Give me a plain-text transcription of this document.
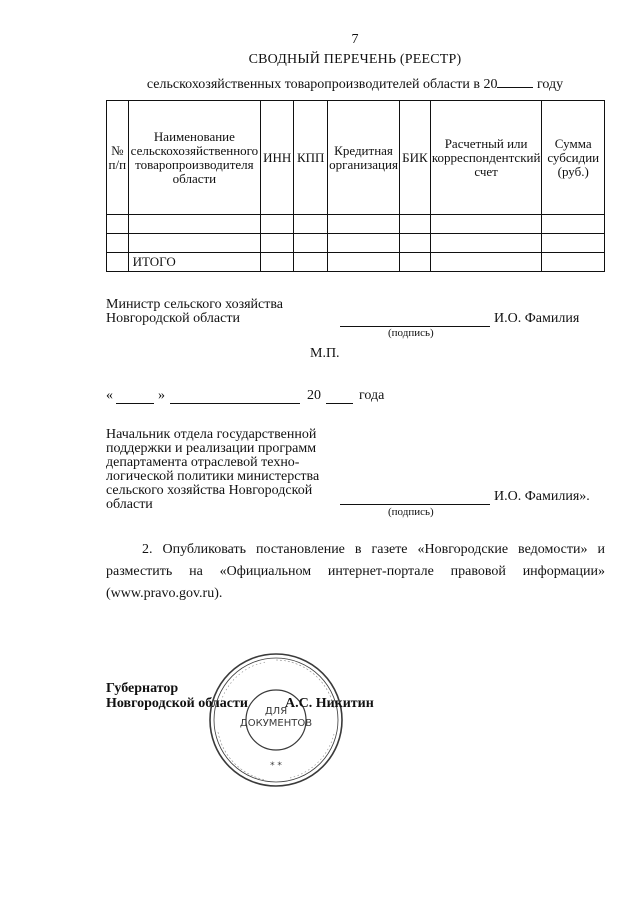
7
СВОДНЫЙ ПЕРЕЧЕНЬ (РЕЕСТР)
сельскохозяйственных товаропроизводителей области в 20	году
№ п/п	Наименование сельскохозяйственного товаропроизводителя области	ИНН	КПП	Кредитная организация	БИК	Расчетный или корреспондентский счет	Сумма субсидии (руб.)

	ИТОГО						
Министр сельского хозяйства
Новгородской области	И.О. Фамилия
(подпись)
М.П.
«	»	20	года
Начальник отдела государственной
поддержки и реализации программ
департамента отраслевой техно-
логической политики министерства
сельского хозяйства Новгородской
области
И.О. Фамилия».
(подпись)
2. Опубликовать постановление в газете «Новгородские ведомости» и
разместить на «Официальном интернет-портале правовой информации»
(www.pravo.gov.ru).
* *
ДЛЯ
ДОКУМЕНТОВ
Губернатор
Новгородской области	А.С. Никитин
